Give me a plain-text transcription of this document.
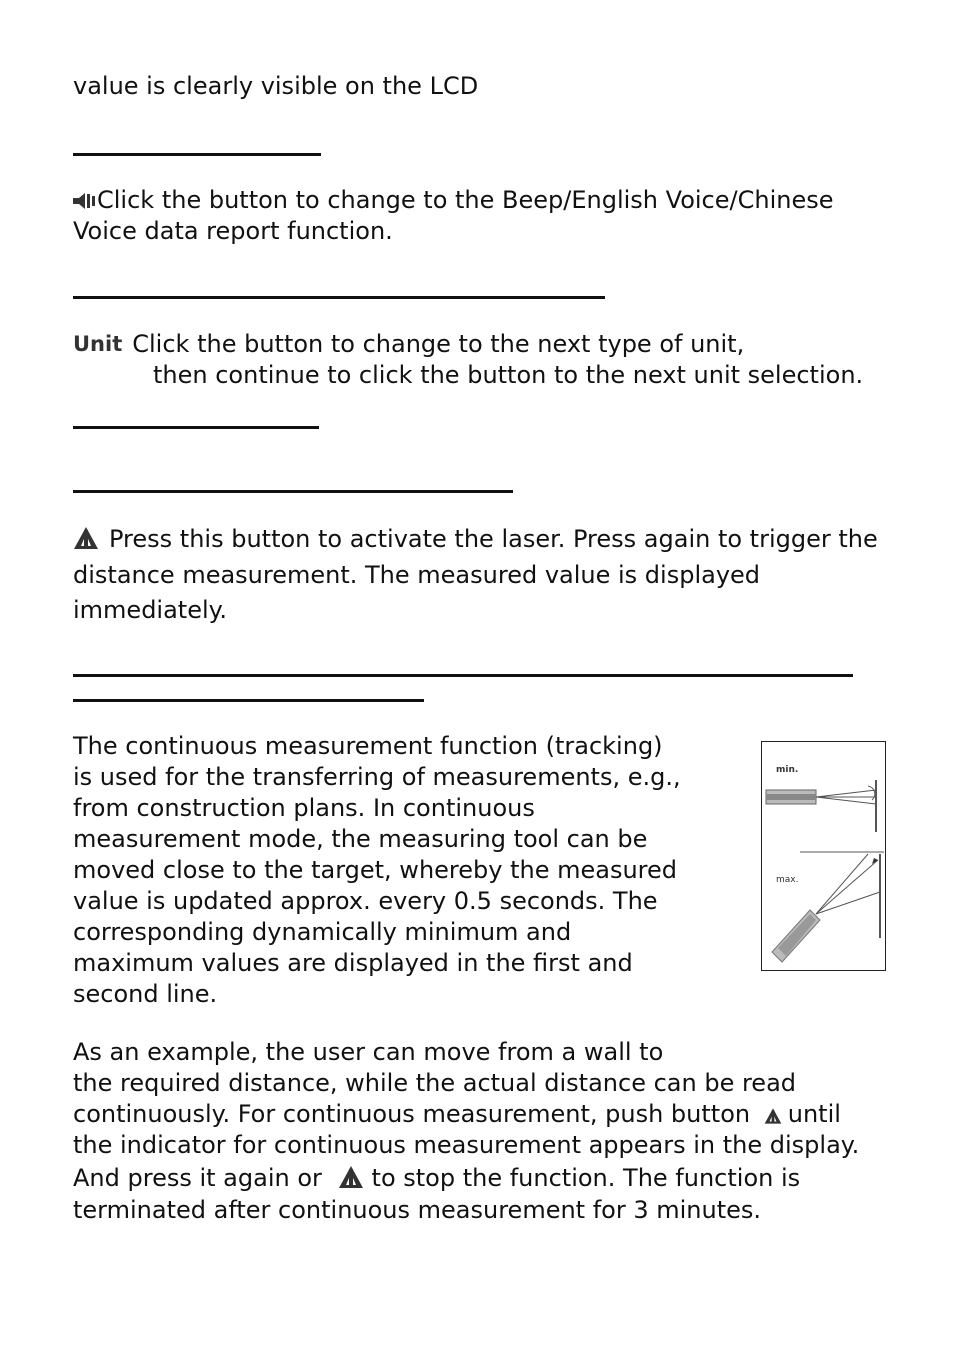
value is clearly visible on the LCD
Click the button to change to the Beep/English Voice/Chinese
Voice data report function.
Unit Click the button to change to the next type of unit,
then continue to click the button to the next unit selection.
Press this button to activate the laser. Press again to trigger the
distance measurement. The measured value is displayed
immediately.
The continuous measurement function (tracking)
is used for the transferring of measurements, e.g.,
from construction plans. In continuous
measurement mode, the measuring tool can be
moved close to the target, whereby the measured
value is updated approx. every 0.5 seconds. The
corresponding dynamically minimum and
maximum values are displayed in the first and
second line.
min.
max.
As an example, the user can move from a wall to
the required distance, while the actual distance can be read
continuously. For continuous measurement, push button until
the indicator for continuous measurement appears in the display.
And press it again or to stop the function. The function is
terminated after continuous measurement for 3 minutes.
